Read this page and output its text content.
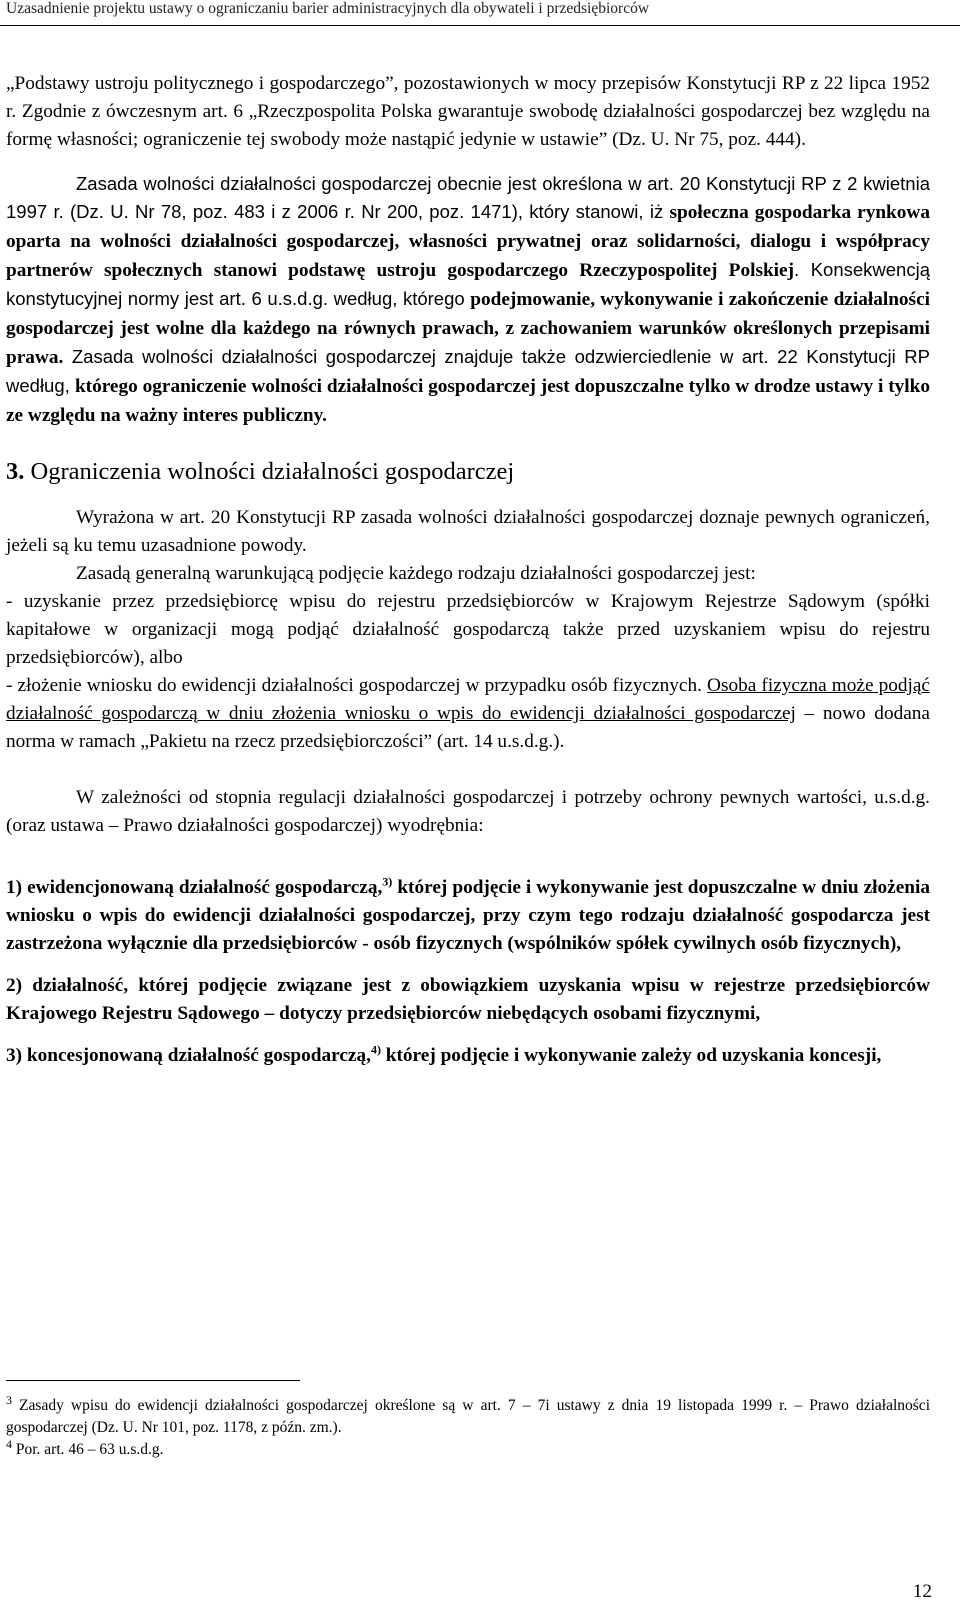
Uzasadnienie projektu ustawy o ograniczaniu barier administracyjnych dla obywateli i przedsiębiorców

„Podstawy ustroju politycznego i gospodarczego”, pozostawionych w mocy przepisów Konstytucji RP z 22 lipca 1952 r. Zgodnie z ówczesnym art. 6 „Rzeczpospolita Polska gwarantuje swobodę działalności gospodarczej bez względu na formę własności; ograniczenie tej swobody może nastąpić jedynie w ustawie” (Dz. U. Nr 75, poz. 444).

Zasada wolności działalności gospodarczej obecnie jest określona w art. 20 Konstytucji RP z 2 kwietnia 1997 r. (Dz. U. Nr 78, poz. 483 i z 2006 r. Nr 200, poz. 1471), który stanowi, iż społeczna gospodarka rynkowa oparta na wolności działalności gospodarczej, własności prywatnej oraz solidarności, dialogu i współpracy partnerów społecznych stanowi podstawę ustroju gospodarczego Rzeczypospolitej Polskiej. Konsekwencją konstytucyjnej normy jest art. 6 u.s.d.g. według, którego podejmowanie, wykonywanie i zakończenie działalności gospodarczej jest wolne dla każdego na równych prawach, z zachowaniem warunków określonych przepisami prawa. Zasada wolności działalności gospodarczej znajduje także odzwierciedlenie w art. 22 Konstytucji RP według, którego ograniczenie wolności działalności gospodarczej jest dopuszczalne tylko w drodze ustawy i tylko ze względu na ważny interes publiczny.

3. Ograniczenia wolności działalności gospodarczej

Wyrażona w art. 20 Konstytucji RP zasada wolności działalności gospodarczej doznaje pewnych ograniczeń, jeżeli są ku temu uzasadnione powody.

Zasadą generalną warunkującą podjęcie każdego rodzaju działalności gospodarczej jest:

- uzyskanie przez przedsiębiorcę wpisu do rejestru przedsiębiorców w Krajowym Rejestrze Sądowym (spółki kapitałowe w organizacji mogą podjąć działalność gospodarczą także przed uzyskaniem wpisu do rejestru przedsiębiorców), albo

- złożenie wniosku do ewidencji działalności gospodarczej w przypadku osób fizycznych. Osoba fizyczna może podjąć działalność gospodarczą w dniu złożenia wniosku o wpis do ewidencji działalności gospodarczej – nowo dodana norma w ramach „Pakietu na rzecz przedsiębiorczości” (art. 14 u.s.d.g.).

W zależności od stopnia regulacji działalności gospodarczej i potrzeby ochrony pewnych wartości, u.s.d.g. (oraz ustawa – Prawo działalności gospodarczej) wyodrębnia:

1) ewidencjonowaną działalność gospodarczą,$^{3)}$ której podjęcie i wykonywanie jest dopuszczalne w dniu złożenia wniosku o wpis do ewidencji działalności gospodarczej, przy czym tego rodzaju działalność gospodarcza jest zastrzeżona wyłącznie dla przedsiębiorców - osób fizycznych (wspólników spółek cywilnych osób fizycznych),

2) działalność, której podjęcie związane jest z obowiązkiem uzyskania wpisu w rejestrze przedsiębiorców Krajowego Rejestru Sądowego – dotyczy przedsiębiorców niebędących osobami fizycznymi,

3) koncesjonowaną działalność gospodarczą,$^{4)}$ której podjęcie i wykonywanie zależy od uzyskania koncesji,

$^3$ Zasady wpisu do ewidencji działalności gospodarczej określone są w art. 7 – 7i ustawy z dnia 19 listopada 1999 r. – Prawo działalności gospodarczej (Dz. U. Nr 101, poz. 1178, z późn. zm.).

$^4$ Por. art. 46 – 63 u.s.d.g.

12
